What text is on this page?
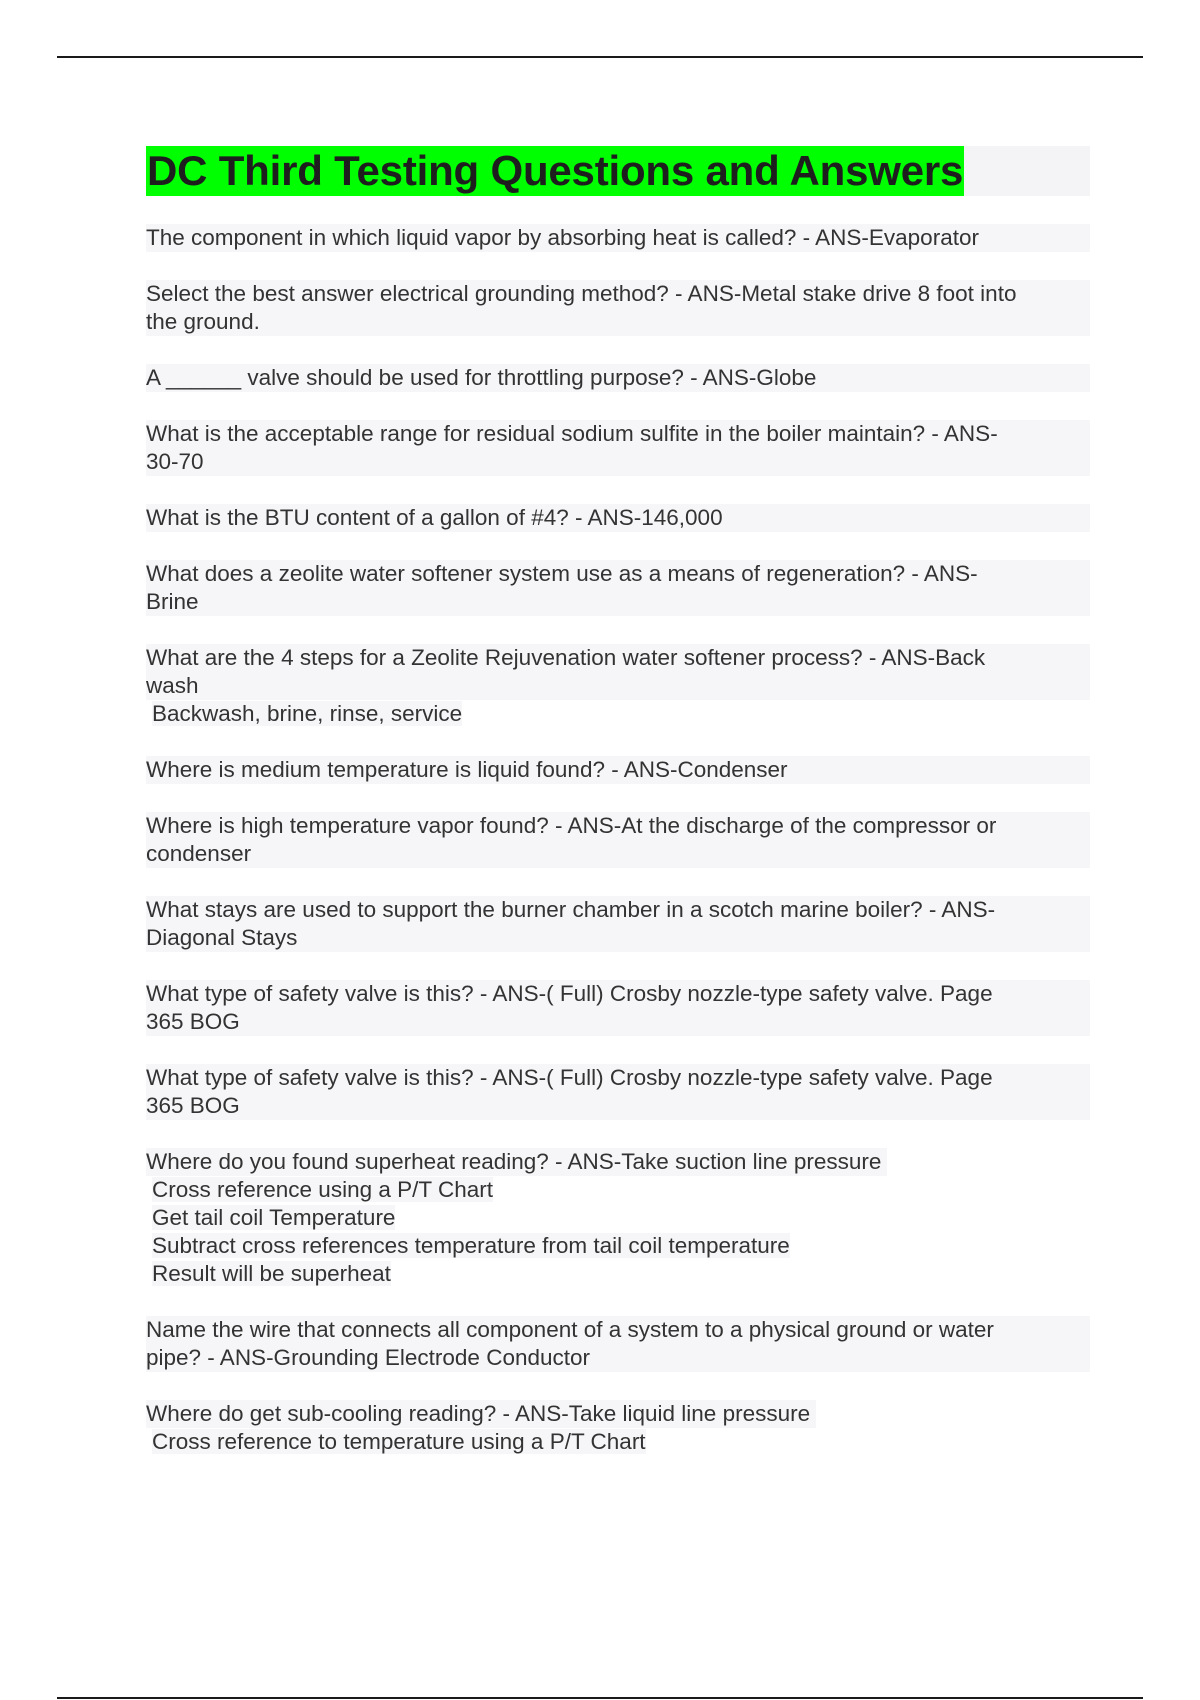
DC Third Testing Questions and Answers
The component in which liquid vapor by absorbing heat is called? - ANS-Evaporator
Select the best answer electrical grounding method? - ANS-Metal stake drive 8 foot into
the ground.
A ______ valve should be used for throttling purpose? - ANS-Globe
What is the acceptable range for residual sodium sulfite in the boiler maintain? - ANS-
30-70
What is the BTU content of a gallon of #4? - ANS-146,000
What does a zeolite water softener system use as a means of regeneration? - ANS-
Brine
What are the 4 steps for a Zeolite Rejuvenation water softener process? - ANS-Back
wash
Backwash, brine, rinse, service
Where is medium temperature is liquid found? - ANS-Condenser
Where is high temperature vapor found? - ANS-At the discharge of the compressor or
condenser
What stays are used to support the burner chamber in a scotch marine boiler? - ANS-
Diagonal Stays
What type of safety valve is this? - ANS-( Full) Crosby nozzle-type safety valve. Page
365 BOG
What type of safety valve is this? - ANS-( Full) Crosby nozzle-type safety valve. Page
365 BOG
Where do you found superheat reading? - ANS-Take suction line pressure
Cross reference using a P/T Chart
Get tail coil Temperature
Subtract cross references temperature from tail coil temperature
Result will be superheat
Name the wire that connects all component of a system to a physical ground or water
pipe? - ANS-Grounding Electrode Conductor
Where do get sub-cooling reading? - ANS-Take liquid line pressure
Cross reference to temperature using a P/T Chart
